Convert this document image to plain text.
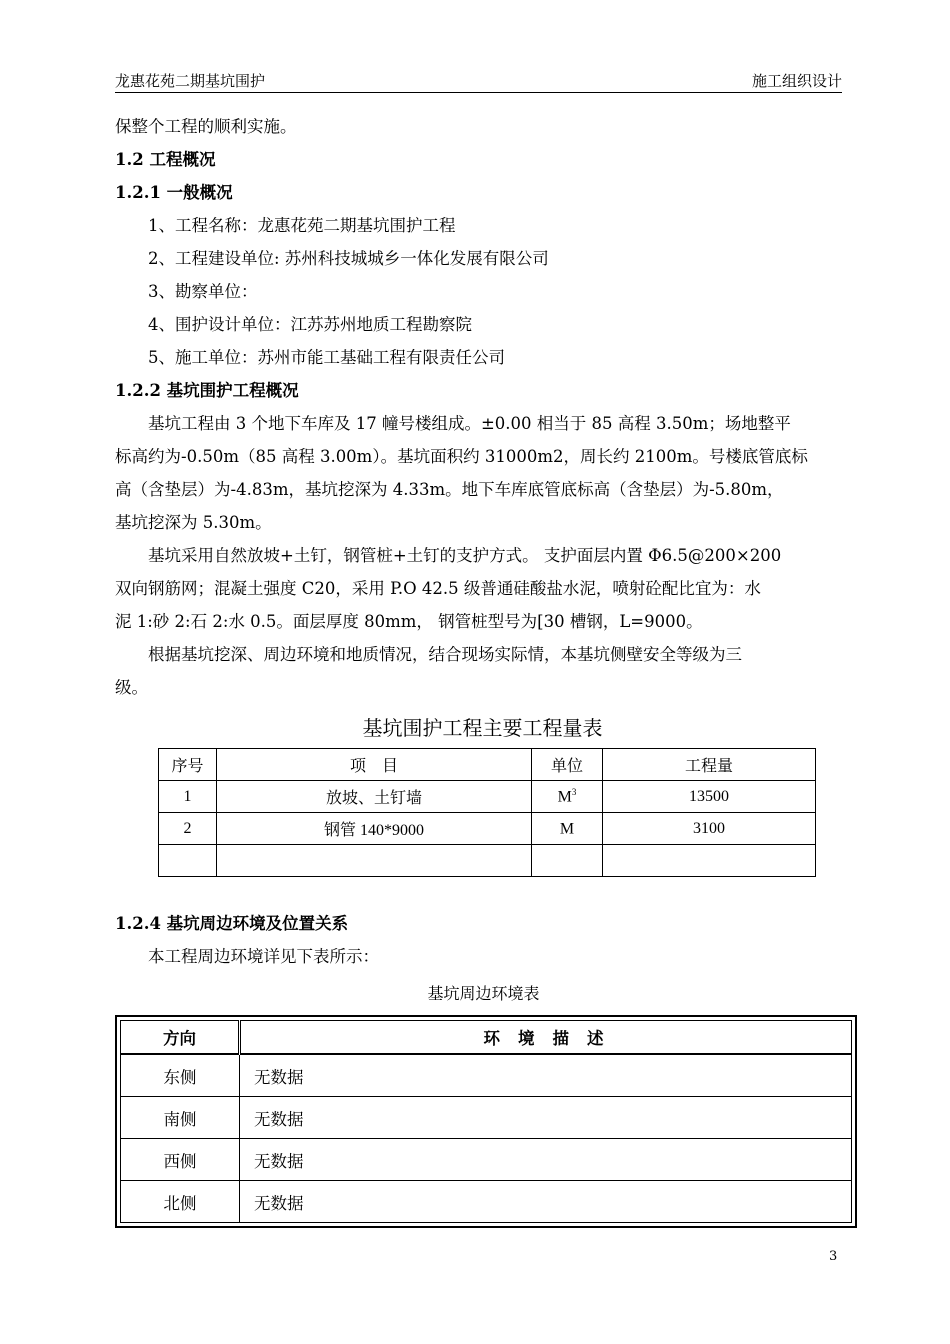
龙惠花苑二期基坑围护	施工组织设计

保整个工程的顺利实施。

1.2 工程概况

1.2.1 一般概况

1、工程名称：龙惠花苑二期基坑围护工程

2、工程建设单位: 苏州科技城城乡一体化发展有限公司

3、勘察单位：

4、围护设计单位：江苏苏州地质工程勘察院

5、施工单位：苏州市能工基础工程有限责任公司

1.2.2 基坑围护工程概况

基坑工程由 3 个地下车库及 17 幢号楼组成。±0.00 相当于 85 高程 3.50m；场地整平

标高约为-0.50m（85 高程 3.00m）。基坑面积约 31000m2，周长约 2100m。号楼底管底标

高（含垫层）为-4.83m，基坑挖深为 4.33m。地下车库底管底标高（含垫层）为-5.80m，

基坑挖深为 5.30m。

基坑采用自然放坡+土钉，钢管桩+土钉的支护方式。 支护面层内置 Φ6.5@200×200

双向钢筋网；混凝土强度 C20，采用 P.O 42.5 级普通硅酸盐水泥，喷射砼配比宜为：水

泥 1:砂 2:石 2:水 0.5。面层厚度 80mm， 钢管桩型号为[30 槽钢，L=9000。

根据基坑挖深、周边环境和地质情况，结合现场实际情，本基坑侧壁安全等级为三

级。

基坑围护工程主要工程量表
序号	项　目	单位	工程量
1	放坡、土钉墙	$M^3$	13500
2	钢管 140*9000	M	3100

1.2.4 基坑周边环境及位置关系

本工程周边环境详见下表所示：

基坑周边环境表
方向	环境描述
东侧	无数据
南侧	无数据
西侧	无数据
北侧	无数据
3
